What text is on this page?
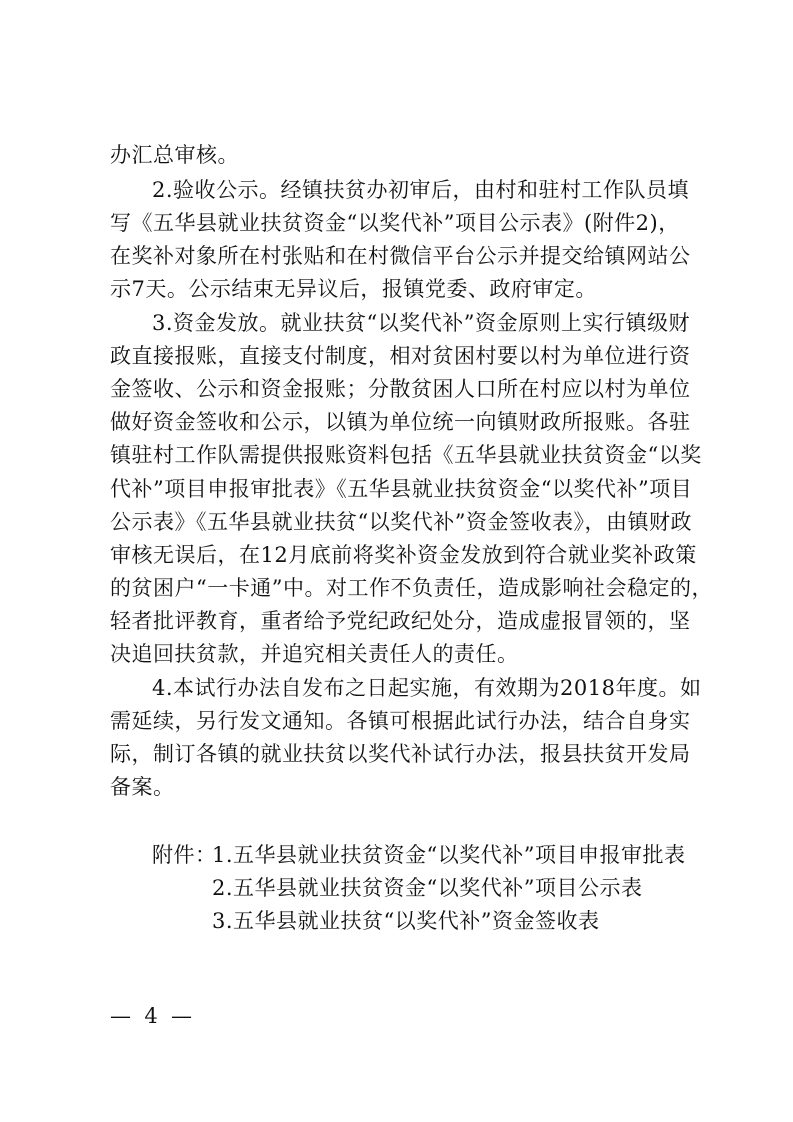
办汇总审核。
2.验收公示。经镇扶贫办初审后，由村和驻村工作队员填
写《五华县就业扶贫资金“以奖代补”项目公示表》(附件2)，
在奖补对象所在村张贴和在村微信平台公示并提交给镇网站公
示7天。公示结束无异议后，报镇党委、政府审定。
3.资金发放。就业扶贫“以奖代补”资金原则上实行镇级财
政直接报账，直接支付制度，相对贫困村要以村为单位进行资
金签收、公示和资金报账；分散贫困人口所在村应以村为单位
做好资金签收和公示，以镇为单位统一向镇财政所报账。各驻
镇驻村工作队需提供报账资料包括《五华县就业扶贫资金“以奖
代补”项目申报审批表》《五华县就业扶贫资金“以奖代补”项目
公示表》《五华县就业扶贫“以奖代补”资金签收表》，由镇财政
审核无误后，在12月底前将奖补资金发放到符合就业奖补政策
的贫困户“一卡通”中。对工作不负责任，造成影响社会稳定的，
轻者批评教育，重者给予党纪政纪处分，造成虚报冒领的，坚
决追回扶贫款，并追究相关责任人的责任。
4.本试行办法自发布之日起实施，有效期为2018年度。如
需延续，另行发文通知。各镇可根据此试行办法，结合自身实
际，制订各镇的就业扶贫以奖代补试行办法，报县扶贫开发局
备案。
附件：
1.五华县就业扶贫资金“以奖代补”项目申报审批表
2.五华县就业扶贫资金“以奖代补”项目公示表
3.五华县就业扶贫“以奖代补”资金签收表
—  4  —
